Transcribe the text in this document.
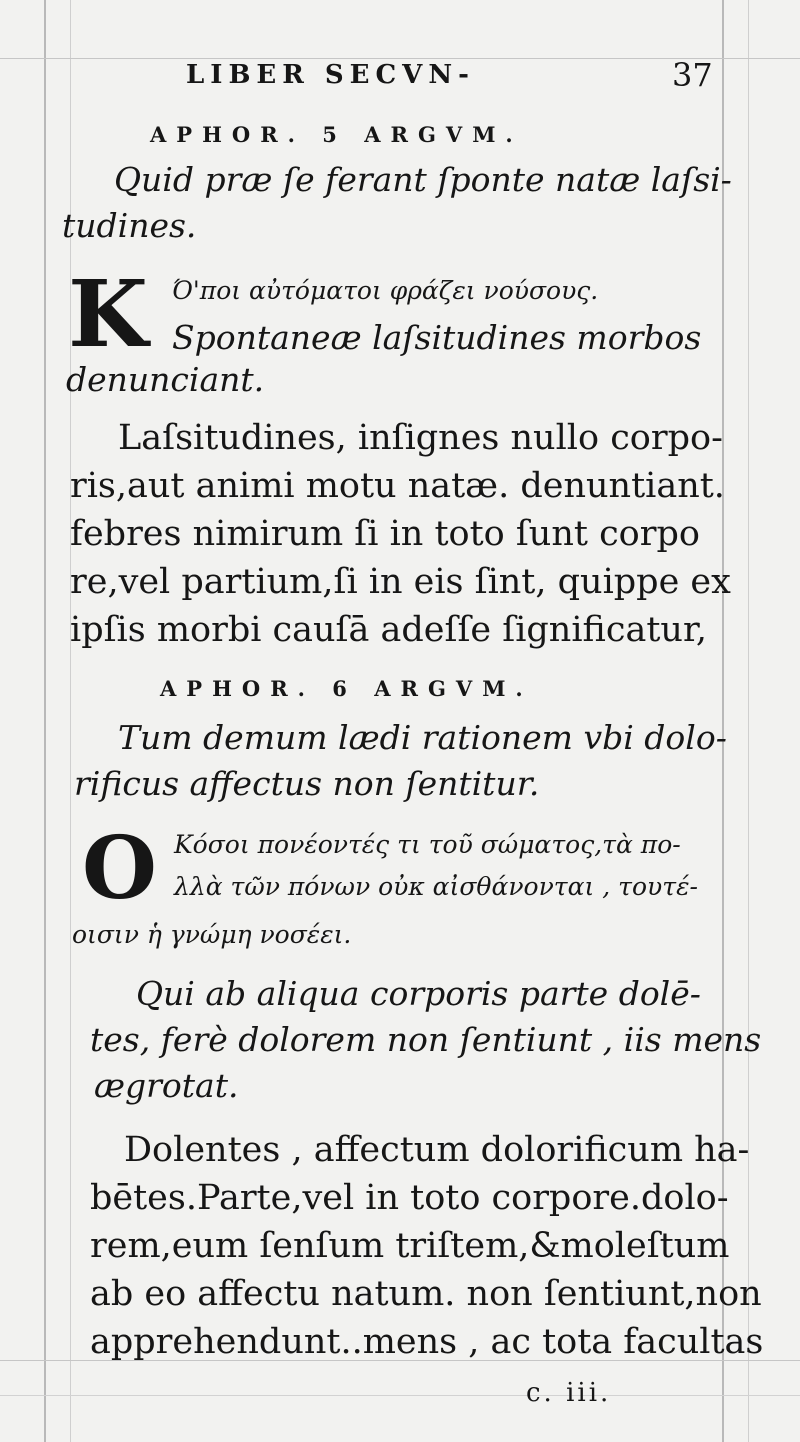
LIBER SECVN-	37
APHOR. 5 ARGVM.
Quid præ ſe ferant ſponte natæ laſsi-
tudines.
K Ό'ποι αὐτόματοι φράζει νούσους.
Spontaneæ laſsitudines morbos
denunciant.
Laſsitudines, inſignes nullo corpo-
ris,aut animi motu natæ. denuntiant.
febres nimirum ſi in toto ſunt corpo
re,vel partium,ſi in eis ſint, quippe ex
ipſis morbi cauſā adeſſe ſignificatur,
APHOR. 6 ARGVM.
Tum demum lædi rationem vbi dolo-
rificus affectus non ſentitur.
O Κόσοι πονέοντές τι τοῦ σώματος,τὰ πο-
λλὰ τῶν πόνων οὐκ αἰσθάνονται , τουτέ-
οισιν ἡ γνώμη νοσέει.
Qui ab aliqua corporis parte dolē-
tes, ferè dolorem non ſentiunt , iis mens
ægrotat.
Dolentes , affectum dolorificum ha-
bētes.Parte,vel in toto corpore.dolo-
rem,eum ſenſum triſtem,&moleſtum
ab eo affectu natum. non ſentiunt,non
apprehendunt..mens , ac tota facultas
c. iii.
